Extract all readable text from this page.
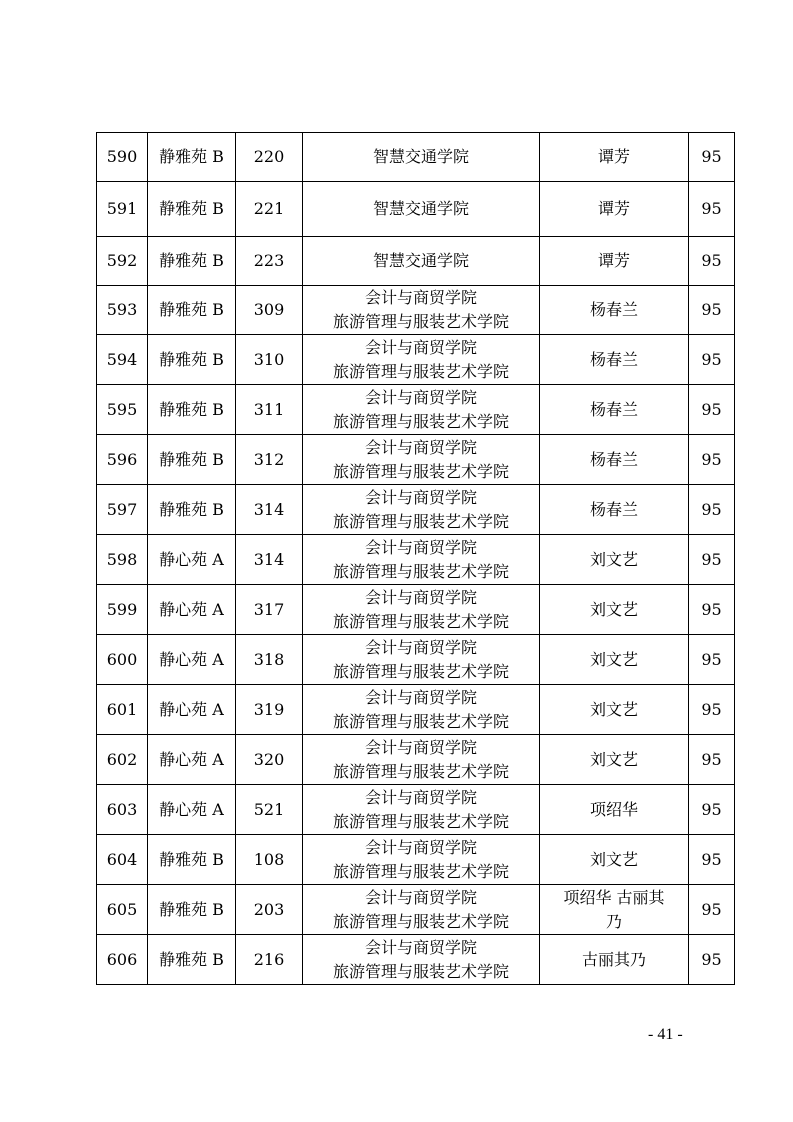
590	静雅苑 B	220	智慧交通学院	谭芳	95
591	静雅苑 B	221	智慧交通学院	谭芳	95
592	静雅苑 B	223	智慧交通学院	谭芳	95
593	静雅苑 B	309	会计与商贸学院
旅游管理与服装艺术学院	杨春兰	95
594	静雅苑 B	310	会计与商贸学院
旅游管理与服装艺术学院	杨春兰	95
595	静雅苑 B	311	会计与商贸学院
旅游管理与服装艺术学院	杨春兰	95
596	静雅苑 B	312	会计与商贸学院
旅游管理与服装艺术学院	杨春兰	95
597	静雅苑 B	314	会计与商贸学院
旅游管理与服装艺术学院	杨春兰	95
598	静心苑 A	314	会计与商贸学院
旅游管理与服装艺术学院	刘文艺	95
599	静心苑 A	317	会计与商贸学院
旅游管理与服装艺术学院	刘文艺	95
600	静心苑 A	318	会计与商贸学院
旅游管理与服装艺术学院	刘文艺	95
601	静心苑 A	319	会计与商贸学院
旅游管理与服装艺术学院	刘文艺	95
602	静心苑 A	320	会计与商贸学院
旅游管理与服装艺术学院	刘文艺	95
603	静心苑 A	521	会计与商贸学院
旅游管理与服装艺术学院	项绍华	95
604	静雅苑 B	108	会计与商贸学院
旅游管理与服装艺术学院	刘文艺	95
605	静雅苑 B	203	会计与商贸学院
旅游管理与服装艺术学院	项绍华 古丽其乃	95
606	静雅苑 B	216	会计与商贸学院
旅游管理与服装艺术学院	古丽其乃	95
- 41 -
